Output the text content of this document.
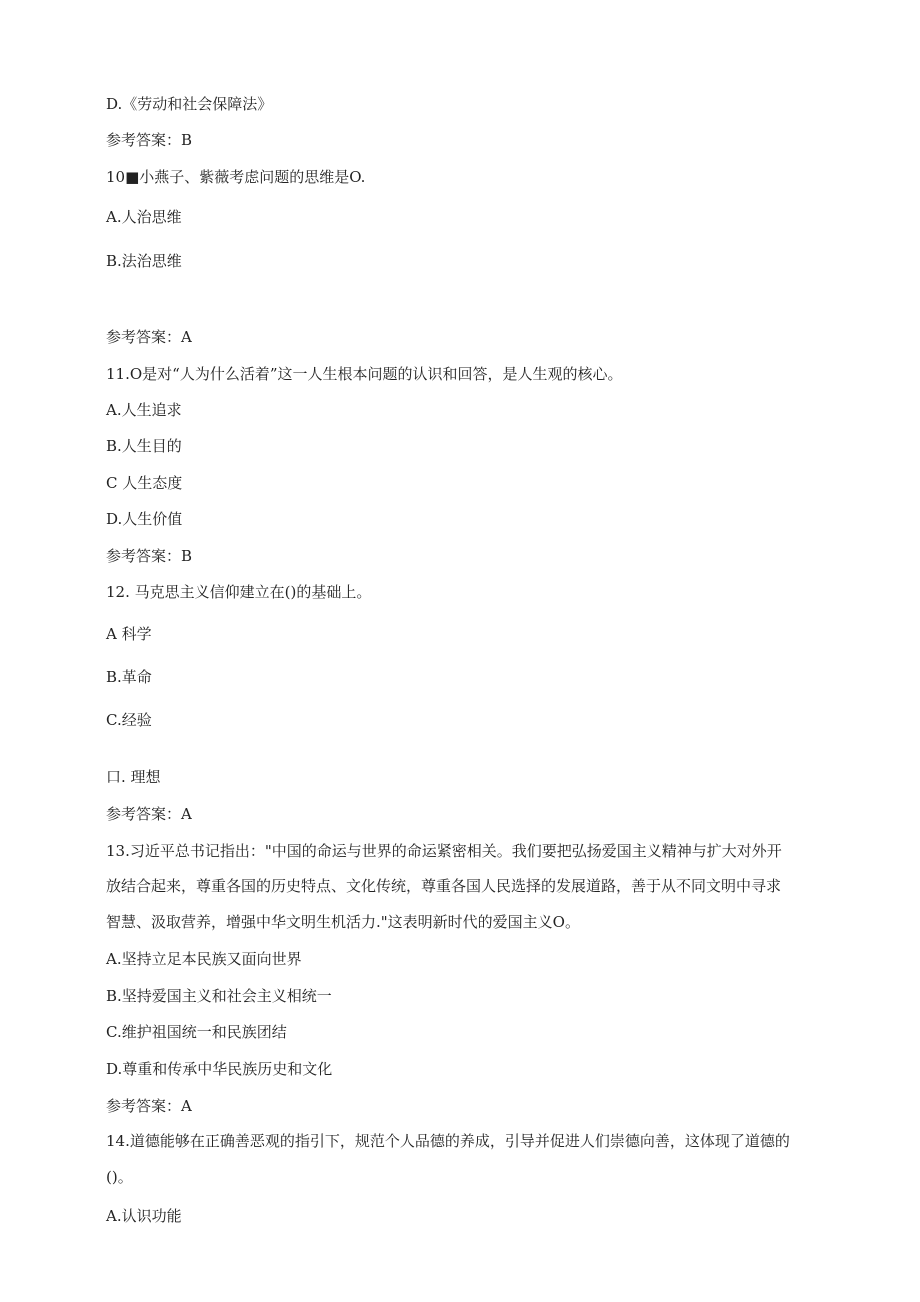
D.《劳动和社会保障法》
参考答案：B
10■小燕子、紫薇考虑问题的思维是O.
A.人治思维
B.法治思维
参考答案：A
11.O是对“人为什么活着”这一人生根本问题的认识和回答，是人生观的核心。
A.人生追求
B.人生目的
C 人生态度
D.人生价值
参考答案：B
12. 马克思主义信仰建立在()的基础上。
A 科学
B.革命
C.经验
口. 理想
参考答案：A
13.习近平总书记指出："中国的命运与世界的命运紧密相关。我们要把弘扬爱国主义精神与扩大对外开
放结合起来，尊重各国的历史特点、文化传统，尊重各国人民选择的发展道路，善于从不同文明中寻求
智慧、汲取营养，增强中华文明生机活力."这表明新时代的爱国主义O。
A.坚持立足本民族又面向世界
B.坚持爱国主义和社会主义相统一
C.维护祖国统一和民族团结
D.尊重和传承中华民族历史和文化
参考答案：A
14.道德能够在正确善恶观的指引下，规范个人品德的养成，引导并促进人们崇德向善，这体现了道德的
()。
A.认识功能
